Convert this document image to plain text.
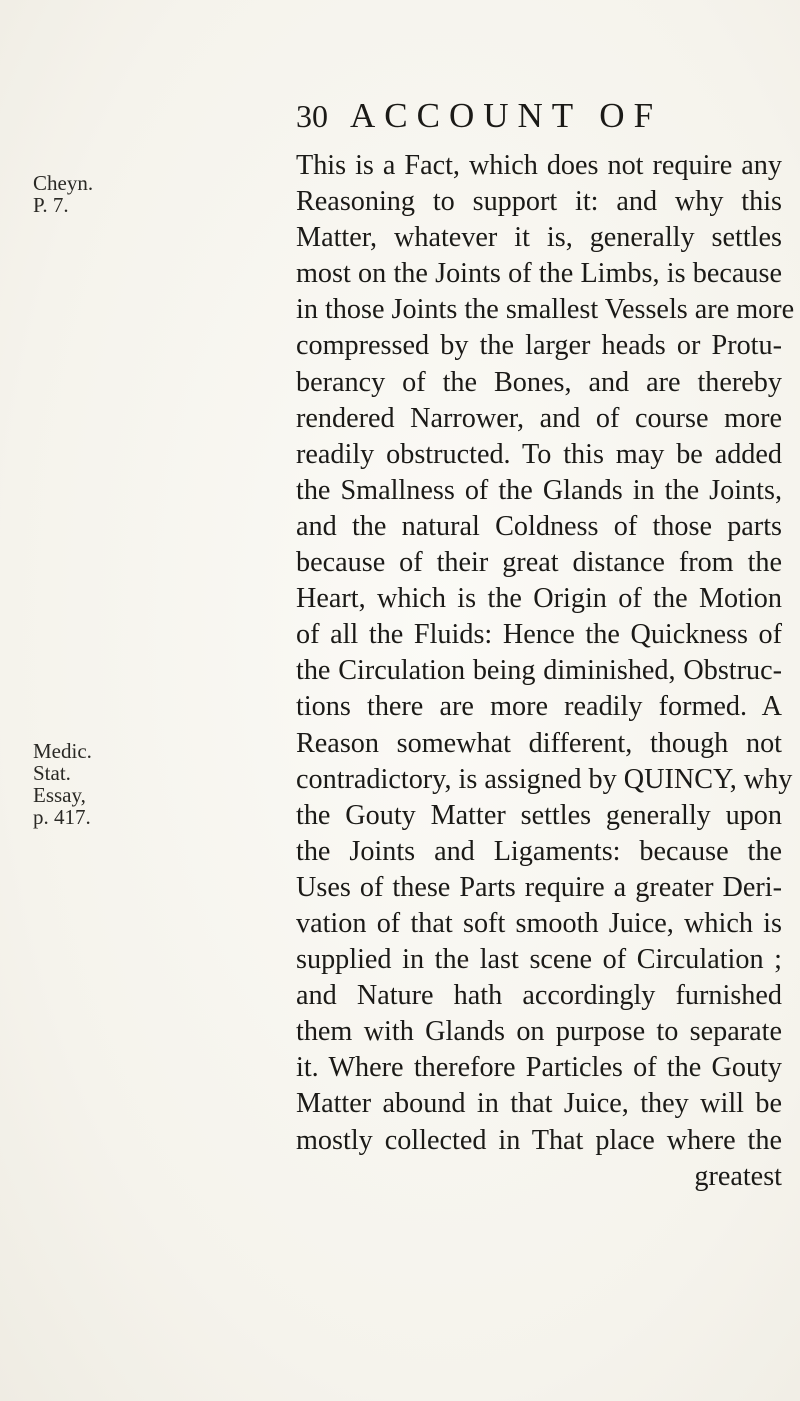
30 ACCOUNT OF
Cheyn.
P. 7.
Medic.
Stat.
Essay,
p. 417.
This is a Fact, which does not require any
Reasoning to support it: and why this
Matter, whatever it is, generally settles
most on the Joints of the Limbs, is because
in those Joints the smallest Vessels are more
compressed by the larger heads or Protu-
berancy of the Bones, and are thereby
rendered Narrower, and of course more
readily obstructed. To this may be added
the Smallness of the Glands in the Joints,
and the natural Coldness of those parts
because of their great distance from the
Heart, which is the Origin of the Motion
of all the Fluids: Hence the Quickness of
the Circulation being diminished, Obstruc-
tions there are more readily formed. A
Reason somewhat different, though not
contradictory, is assigned by QUINCY, why
the Gouty Matter settles generally upon
the Joints and Ligaments: because the
Uses of these Parts require a greater Deri-
vation of that soft smooth Juice, which is
supplied in the last scene of Circulation ;
and Nature hath accordingly furnished
them with Glands on purpose to separate
it. Where therefore Particles of the Gouty
Matter abound in that Juice, they will be
mostly collected in That place where the
greatest
